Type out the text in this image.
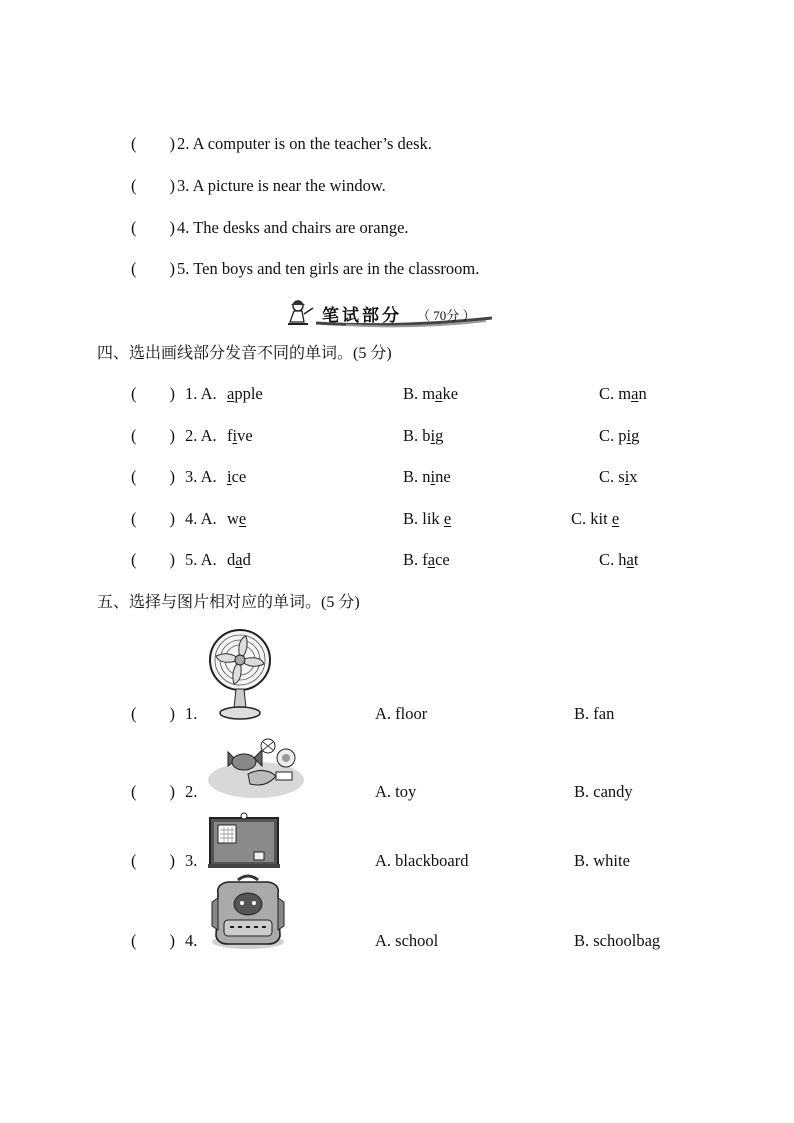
(        ) 2. A computer is on the teacher’s desk.
(        ) 3. A picture is near the window.
(        ) 4. The desks and chairs are orange.
(        ) 5. Ten boys and ten girls are in the classroom.
笔试部分 （ 70分 ）
四、选出画线部分发音不同的单词。(5 分)
(        ) 1. A. apple	B. make	C. man
(        ) 2. A. five	B. big	C. pig
(        ) 3. A. ice	B. nine	C. six
(        ) 4. A. we	B. lik e	C. kit e
(        ) 5. A. dad	B. face	C. hat
五、选择与图片相对应的单词。(5 分)
(        ) 1.	A. floor	B. fan
(        ) 2.	A. toy	B. candy
(        ) 3.	A. blackboard	B. white
(        ) 4.	A. school	B. schoolbag
